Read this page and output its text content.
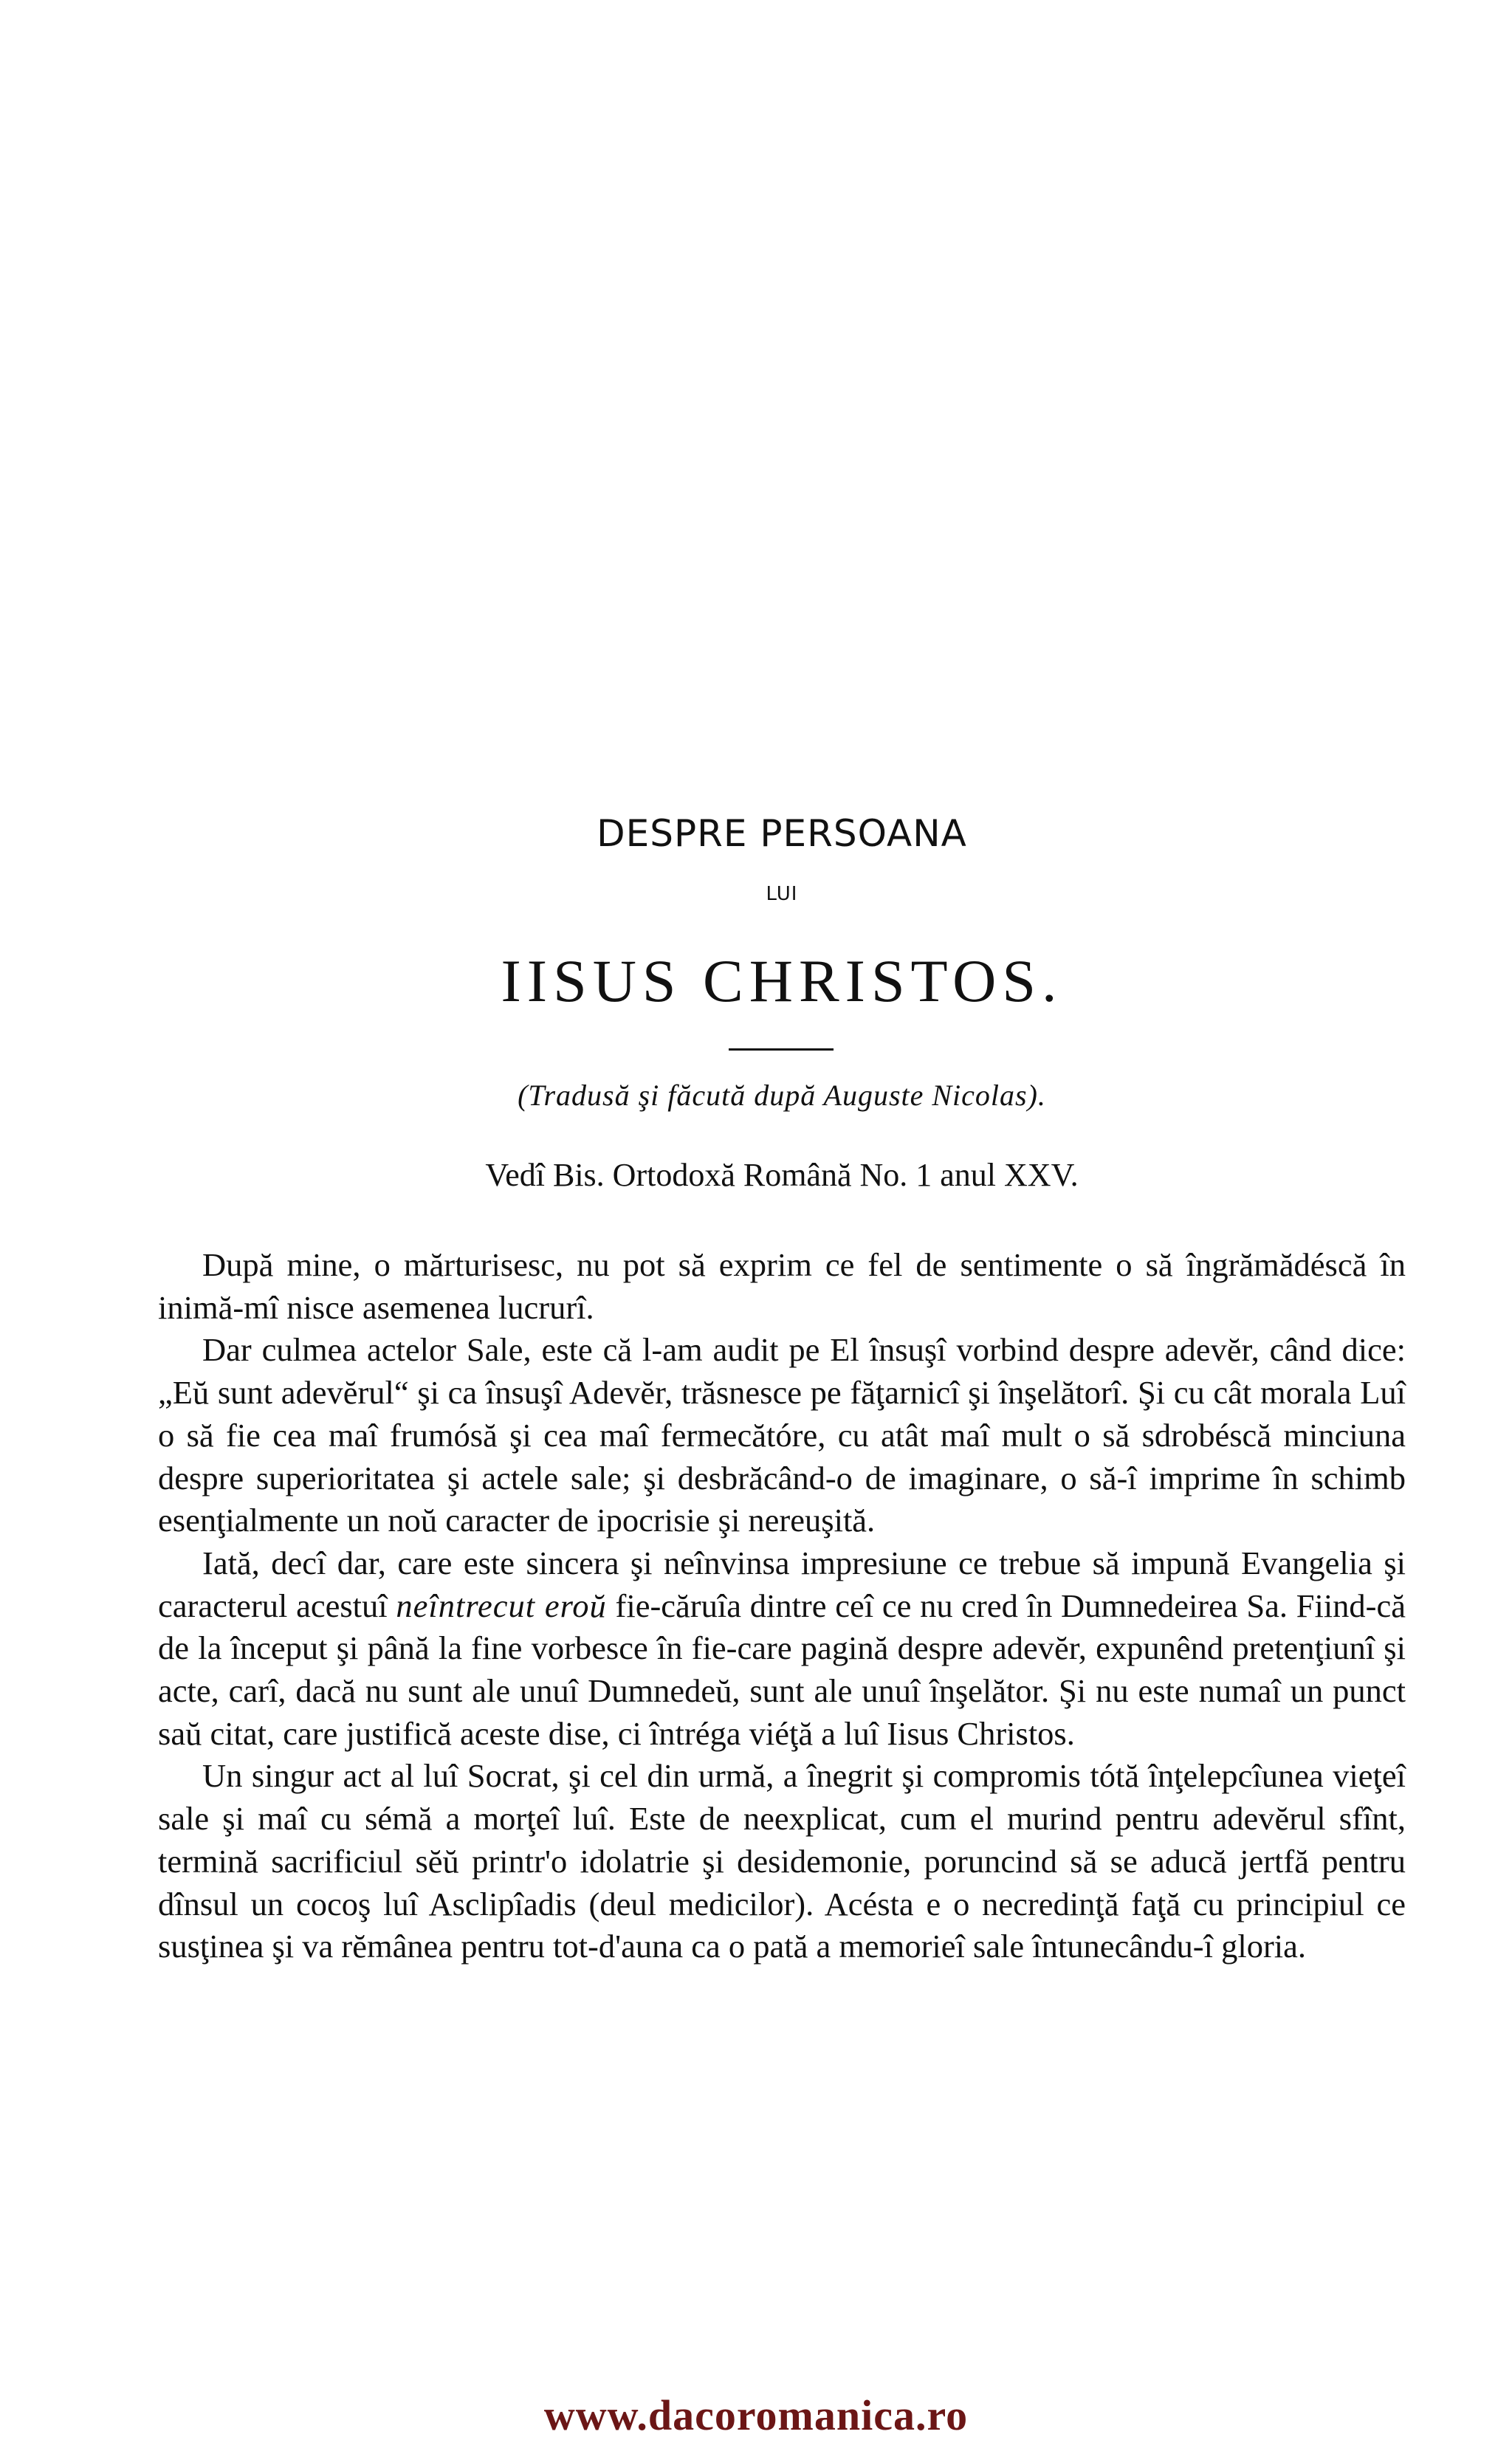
DESPRE PERSOANA
LUI
IISUS CHRISTOS.
(Tradusă şi făcută după Auguste Nicolas).
Vedî Bis. Ortodoxă Română No. 1 anul XXV.

După mine, o mărturisesc, nu pot să exprim ce fel de sentimente o să îngrămădéscă în inimă-mî nisce asemenea lucrurî.

Dar culmea actelor Sale, este că l-am audit pe El însuşî vorbind despre adevĕr, când dice: „Eŭ sunt adevĕrul“ şi ca însuşî Adevĕr, trăsnesce pe făţarnicî şi înşelătorî. Şi cu cât morala Luî o să fie cea maî frumósă şi cea maî fermecătóre, cu atât maî mult o să sdrobéscă minciuna despre superioritatea şi actele sale; şi desbrăcând-o de imaginare, o să-î imprime în schimb esenţialmente un noŭ caracter de ipocrisie şi nereuşită.

Iată, decî dar, care este sincera şi neînvinsa impresiune ce trebue să impună Evangelia şi caracterul acestuî neîntrecut eroŭ fie-căruîa dintre ceî ce nu cred în Dumnedeirea Sa. Fiind-că de la început şi până la fine vorbesce în fie-care pagină despre adevĕr, expunênd pretenţiunî şi acte, carî, dacă nu sunt ale unuî Dumnedeŭ, sunt ale unuî înşelător. Şi nu este numaî un punct saŭ citat, care justifică aceste dise, ci întréga viéţă a luî Iisus Christos.

Un singur act al luî Socrat, şi cel din urmă, a înegrit şi compromis tótă înţelepcîunea vieţeî sale şi maî cu sémă a morţeî luî. Este de neexplicat, cum el murind pentru adevĕrul sfînt, termină sacrificiul sĕŭ printr'o idolatrie şi desidemonie, poruncind să se aducă jertfă pentru dînsul un cocoş luî Asclipîadis (deul medicilor). Acésta e o necredinţă faţă cu principiul ce susţinea şi va rĕmânea pentru tot-d'auna ca o pată a memorieî sale întunecându-î gloria.

www.dacoromanica.ro
